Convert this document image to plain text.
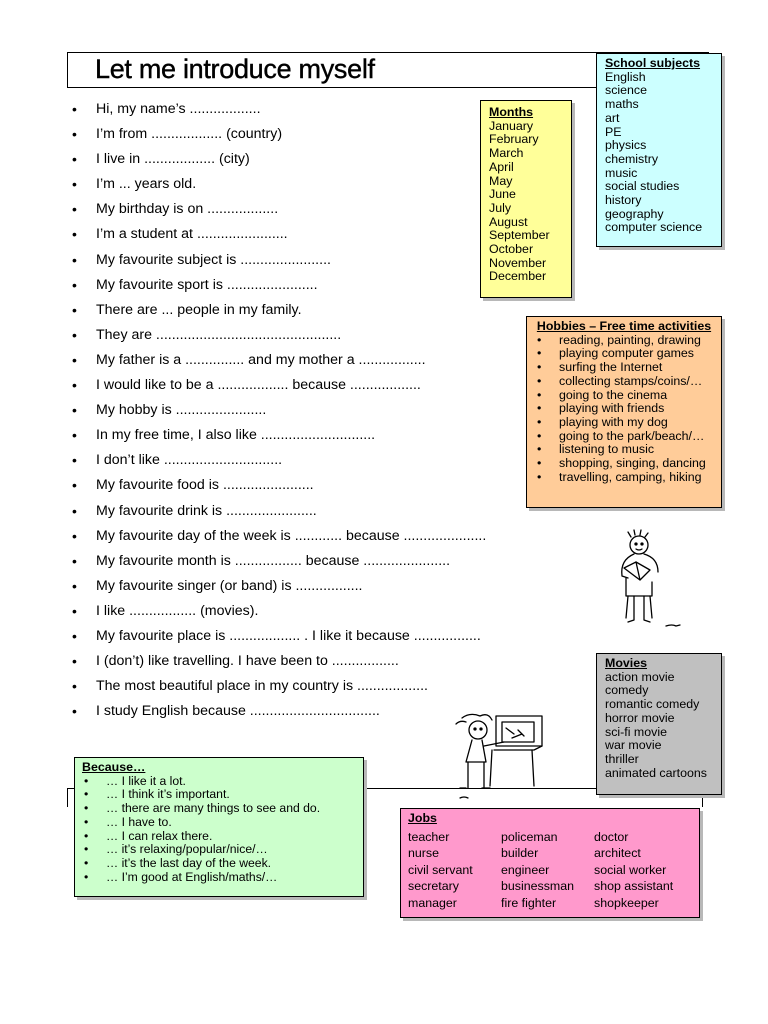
Let me introduce myself
• Hi, my name’s ..................
• I’m from .................. (country)
• I live in .................. (city)
• I’m ... years old.
• My birthday is on ..................
• I’m a student at .......................
• My favourite subject is .......................
• My favourite sport is .......................
• There are ... people in my family.
• They are ...............................................
• My father is a ............... and my mother a .................
• I would like to be a .................. because ..................
• My hobby is .......................
• In my free time, I also like .............................
• I don’t like ..............................
• My favourite food is .......................
• My favourite drink is .......................
• My favourite day of the week is ............ because .....................
• My favourite month is ................. because ......................
• My favourite singer (or band) is .................
• I like ................. (movies).
• My favourite place is .................. . I like it because .................
• I (don’t) like travelling. I have been to .................
• The most beautiful place in my country is ..................
• I study English because .................................
School subjects
English
science
maths
art
PE
physics
chemistry
music
social studies
history
geography
computer science
Months
January
February
March
April
May
June
July
August
September
October
November
December
Hobbies – Free time activities
• reading, painting, drawing
• playing computer games
• surfing the Internet
• collecting stamps/coins/…
• going to the cinema
• playing with friends
• playing with my dog
• going to the park/beach/…
• listening to music
• shopping, singing, dancing
• travelling, camping, hiking
Movies
action movie
comedy
romantic comedy
horror movie
sci-fi movie
war movie
thriller
animated cartoons
Because…
• … I like it a lot.
• … I think it’s important.
• … there are many things to see and do.
• … I have to.
• … I can relax there.
• … it’s relaxing/popular/nice/…
• … it’s the last day of the week.
• … I’m good at English/maths/…
Jobs
teacher	policeman	doctor
nurse	builder	architect
civil servant	engineer	social worker
secretary	businessman	shop assistant
manager	fire fighter	shopkeeper
